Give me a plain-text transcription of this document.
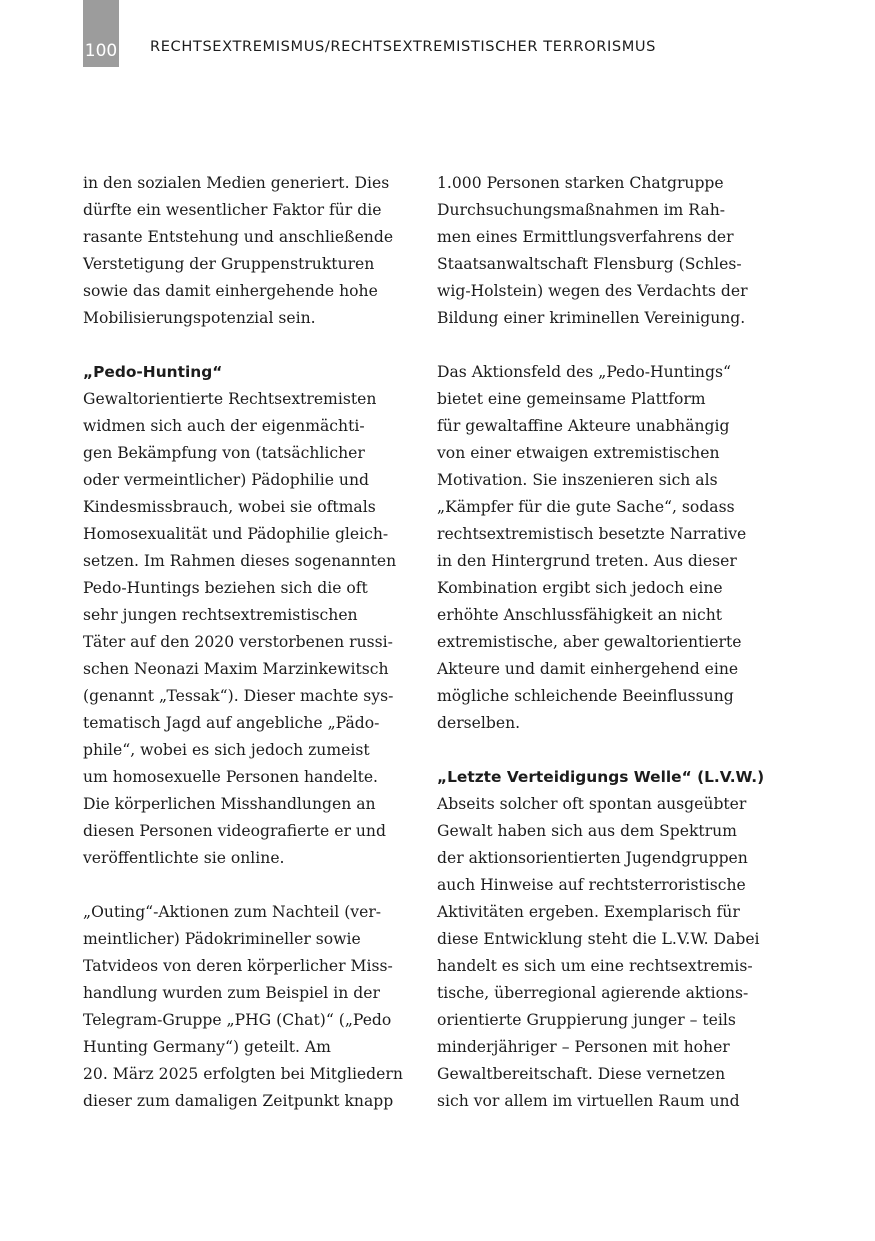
100 RECHTSEXTREMISMUS/RECHTSEXTREMISTISCHER TERRORISMUS
in den sozialen Medien generiert. Dies
dürfte ein wesentlicher Faktor für die
rasante Entstehung und anschließende
Verstetigung der Gruppenstrukturen
sowie das damit einhergehende hohe
Mobilisierungspotenzial sein.
„Pedo-Hunting“
Gewaltorientierte Rechtsextremisten
widmen sich auch der eigenmächti-
gen Bekämpfung von (tatsächlicher
oder vermeintlicher) Pädophilie und
Kindesmissbrauch, wobei sie oftmals
Homosexualität und Pädophilie gleich-
setzen. Im Rahmen dieses sogenannten
Pedo-Huntings beziehen sich die oft
sehr jungen rechtsextremistischen
Täter auf den 2020 verstorbenen russi-
schen Neonazi Maxim Marzinkewitsch
(genannt „Tessak“). Dieser machte sys-
tematisch Jagd auf angebliche „Pädo-
phile“, wobei es sich jedoch zumeist
um homosexuelle Personen handelte.
Die körperlichen Misshandlungen an
diesen Personen videografierte er und
veröffentlichte sie online.
„Outing“-Aktionen zum Nachteil (ver-
meintlicher) Pädokrimineller sowie
Tatvideos von deren körperlicher Miss-
handlung wurden zum Beispiel in der
Telegram-Gruppe „PHG (Chat)“ („Pedo
Hunting Germany“) geteilt. Am
20. März 2025 erfolgten bei Mitgliedern
dieser zum damaligen Zeitpunkt knapp
1.000 Personen starken Chatgruppe
Durchsuchungsmaßnahmen im Rah-
men eines Ermittlungsverfahrens der
Staatsanwaltschaft Flensburg (Schles-
wig-Holstein) wegen des Verdachts der
Bildung einer kriminellen Vereinigung.
Das Aktionsfeld des „Pedo-Huntings“
bietet eine gemeinsame Plattform
für gewaltaffine Akteure unabhängig
von einer etwaigen extremistischen
Motivation. Sie inszenieren sich als
„Kämpfer für die gute Sache“, sodass
rechtsextremistisch besetzte Narrative
in den Hintergrund treten. Aus dieser
Kombination ergibt sich jedoch eine
erhöhte Anschlussfähigkeit an nicht
extremistische, aber gewaltorientierte
Akteure und damit einhergehend eine
mögliche schleichende Beeinflussung
derselben.
„Letzte Verteidigungs Welle“ (L.V.W.)
Abseits solcher oft spontan ausgeübter
Gewalt haben sich aus dem Spektrum
der aktionsorientierten Jugendgruppen
auch Hinweise auf rechtsterroristische
Aktivitäten ergeben. Exemplarisch für
diese Entwicklung steht die L.V.W. Dabei
handelt es sich um eine rechtsextremis-
tische, überregional agierende aktions-
orientierte Gruppierung junger – teils
minderjähriger – Personen mit hoher
Gewaltbereitschaft. Diese vernetzen
sich vor allem im virtuellen Raum und
